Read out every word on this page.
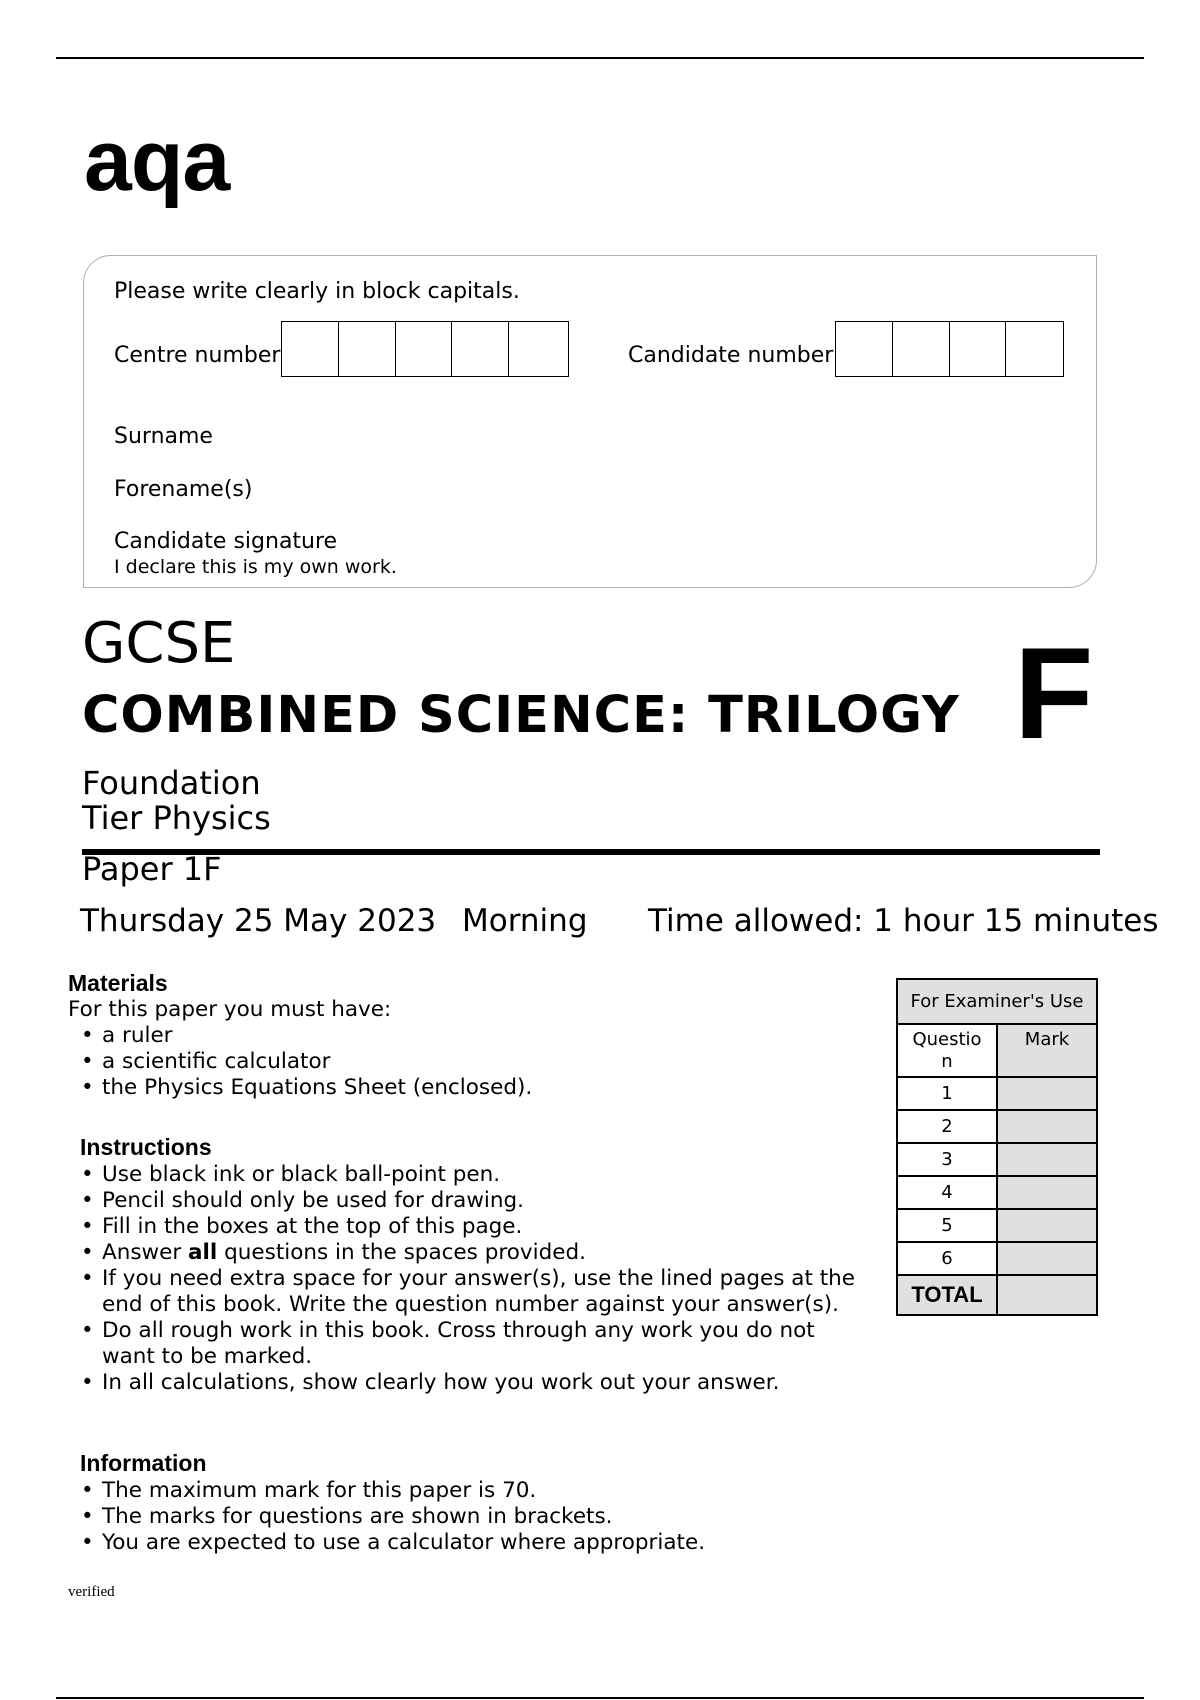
aqa
Please write clearly in block capitals.
Centre number	Candidate number
Surname
Forename(s)
Candidate signature
I declare this is my own work.
GCSE
COMBINED SCIENCE: TRILOGY F
Foundation
Tier Physics
Paper 1F
Thursday 25 May 2023 Morning Time allowed: 1 hour 15 minutes
Materials
For this paper you must have:
• a ruler
• a scientific calculator
• the Physics Equations Sheet (enclosed).
Instructions
• Use black ink or black ball-point pen.
• Pencil should only be used for drawing.
• Fill in the boxes at the top of this page.
• Answer all questions in the spaces provided.
• If you need extra space for your answer(s), use the lined pages at the end of this book. Write the question number against your answer(s).
• Do all rough work in this book. Cross through any work you do not want to be marked.
• In all calculations, show clearly how you work out your answer.
Information
• The maximum mark for this paper is 70.
• The marks for questions are shown in brackets.
• You are expected to use a calculator where appropriate.
For Examiner's Use	
Questio n	Mark
1	
2	
3	
4	
5	
6	
TOTAL	
verified
